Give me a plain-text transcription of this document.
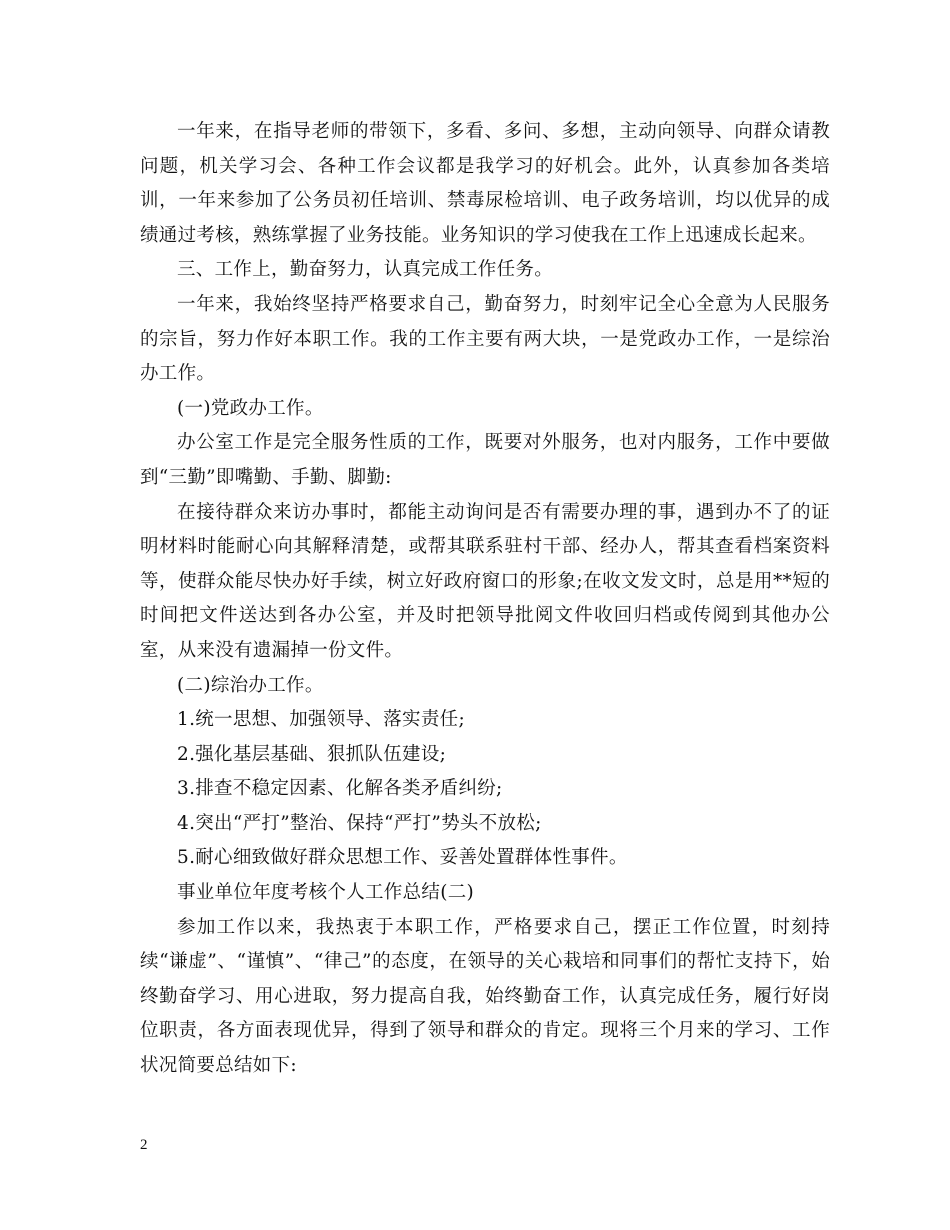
一年来，在指导老师的带领下，多看、多问、多想，主动向领导、向群众请教问题，机关学习会、各种工作会议都是我学习的好机会。此外，认真参加各类培训，一年来参加了公务员初任培训、禁毒尿检培训、电子政务培训，均以优异的成绩通过考核，熟练掌握了业务技能。业务知识的学习使我在工作上迅速成长起来。

三、工作上，勤奋努力，认真完成工作任务。

一年来，我始终坚持严格要求自己，勤奋努力，时刻牢记全心全意为人民服务的宗旨，努力作好本职工作。我的工作主要有两大块，一是党政办工作，一是综治办工作。

(一)党政办工作。

办公室工作是完全服务性质的工作，既要对外服务，也对内服务，工作中要做到“三勤”即嘴勤、手勤、脚勤:

在接待群众来访办事时，都能主动询问是否有需要办理的事，遇到办不了的证明材料时能耐心向其解释清楚，或帮其联系驻村干部、经办人，帮其查看档案资料等，使群众能尽快办好手续，树立好政府窗口的形象;在收文发文时，总是用**短的时间把文件送达到各办公室，并及时把领导批阅文件收回归档或传阅到其他办公室，从来没有遗漏掉一份文件。

(二)综治办工作。

1.统一思想、加强领导、落实责任;

2.强化基层基础、狠抓队伍建设;

3.排查不稳定因素、化解各类矛盾纠纷;

4.突出“严打”整治、保持“严打”势头不放松;

5.耐心细致做好群众思想工作、妥善处置群体性事件。

事业单位年度考核个人工作总结(二)

参加工作以来，我热衷于本职工作，严格要求自己，摆正工作位置，时刻持续“谦虚”、“谨慎”、“律己”的态度，在领导的关心栽培和同事们的帮忙支持下，始终勤奋学习、用心进取，努力提高自我，始终勤奋工作，认真完成任务，履行好岗位职责，各方面表现优异，得到了领导和群众的肯定。现将三个月来的学习、工作状况简要总结如下:

2
